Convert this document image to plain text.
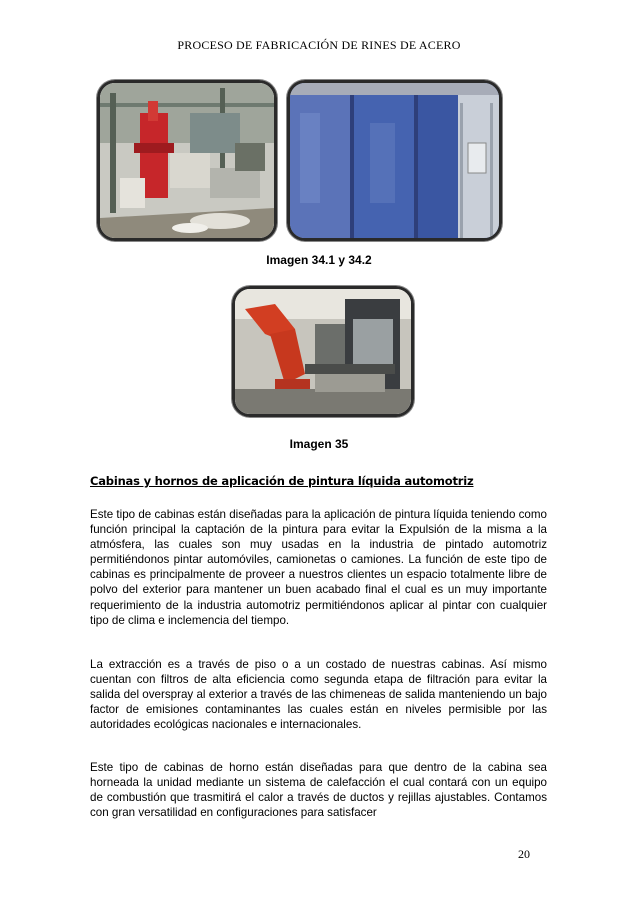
PROCESO DE FABRICACIÓN DE RINES DE ACERO
Imagen 34.1 y 34.2
Imagen 35
Cabinas y hornos de aplicación de pintura líquida automotriz

Este tipo de cabinas están diseñadas para la aplicación de pintura líquida teniendo como función principal la captación de la pintura para evitar la Expulsión de la misma a la atmósfera, las cuales son muy usadas en la industria de pintado automotriz permitiéndonos pintar automóviles, camionetas o camiones. La función de este tipo de cabinas es principalmente de proveer a nuestros clientes un espacio totalmente libre de polvo del exterior para mantener un buen acabado final el cual es un muy importante requerimiento de la industria automotriz permitiéndonos aplicar al pintar con cualquier tipo de clima e inclemencia del tiempo.

La extracción es a través de piso o a un costado de nuestras cabinas. Así mismo cuentan con filtros de alta eficiencia como segunda etapa de filtración para evitar la salida del overspray al exterior a través de las chimeneas de salida manteniendo un bajo factor de emisiones contaminantes las cuales están en niveles permisible por las autoridades ecológicas nacionales e internacionales.

Este tipo de cabinas de horno están diseñadas para que dentro de la cabina sea horneada la unidad mediante un sistema de calefacción el cual contará con un equipo de combustión que trasmitirá el calor a través de ductos y rejillas ajustables. Contamos con gran versatilidad en configuraciones para satisfacer

20
